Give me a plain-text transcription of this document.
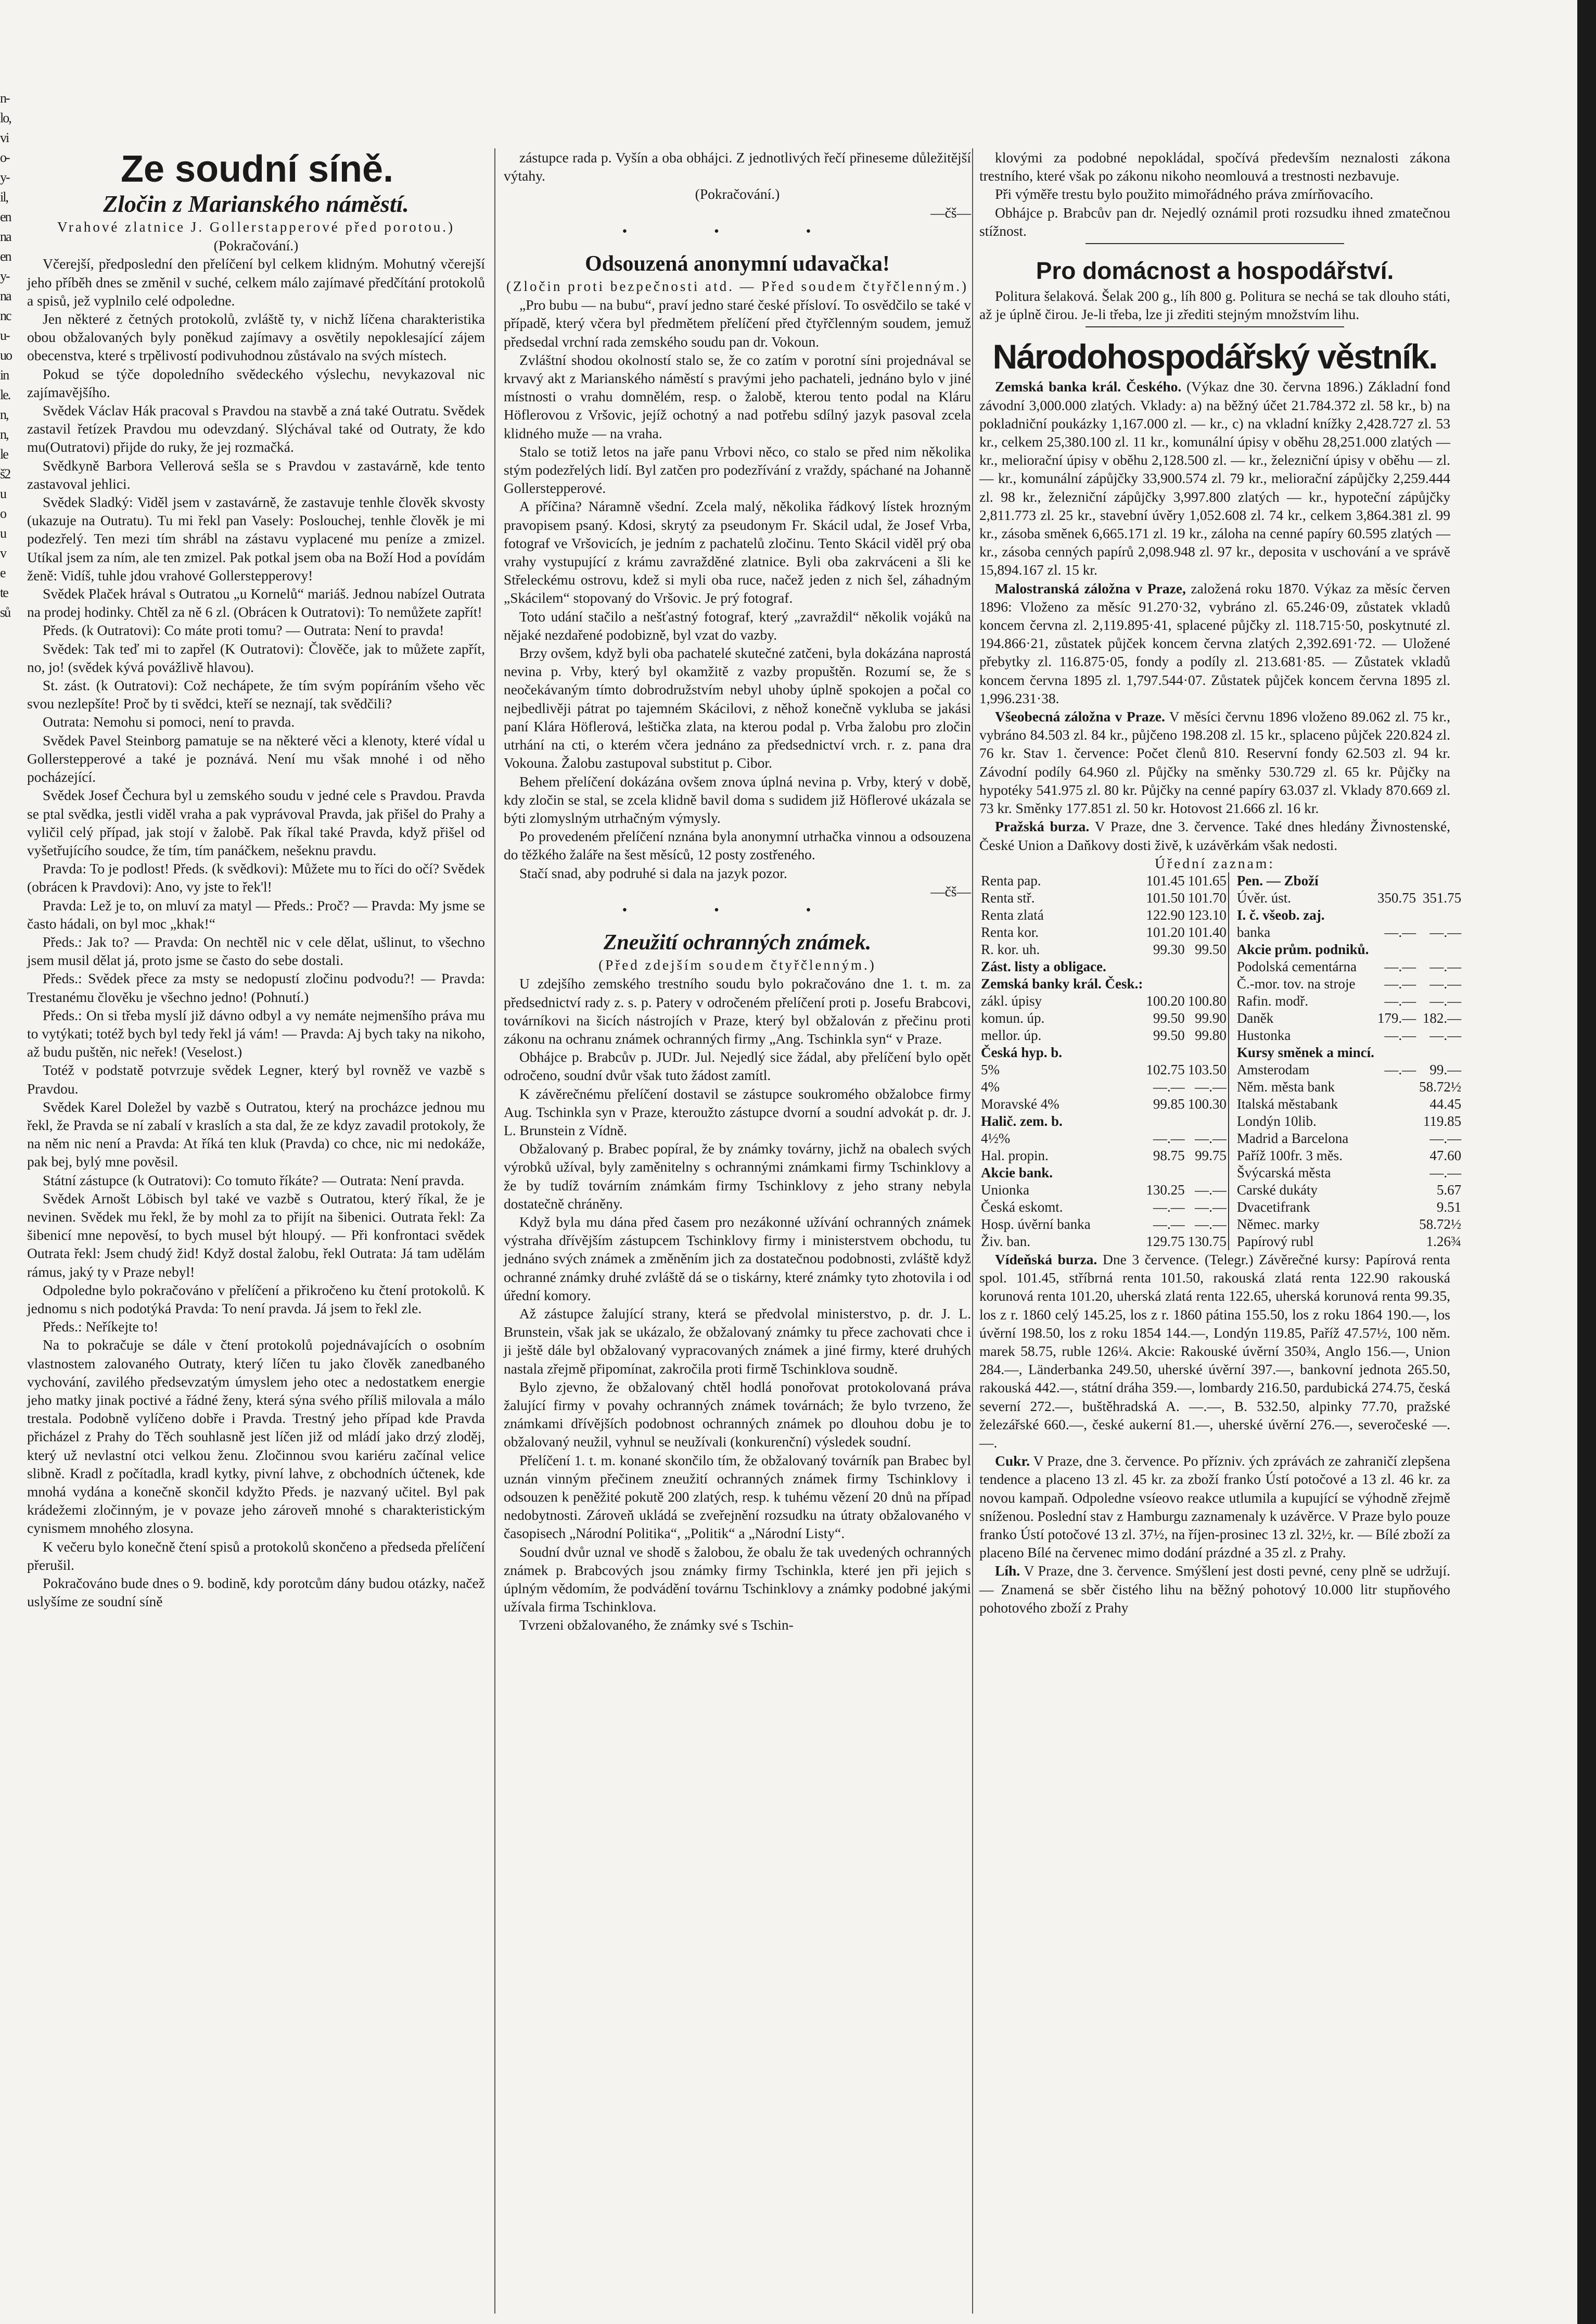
n-
lo,
vi
o-
y-
il,
en
na
en
y-
na
nc
u-
uo
in
le.
n,
n,
le
š2
u
o
u
v
e
te
sů
Ze soudní síně.
Zločin z Marianského náměstí.
Vrahové zlatnice J. Gollerstapperové před porotou.)
(Pokračování.)

Včerejší, předposlední den přelíčení byl celkem klidným. Mohutný včerejší jeho příběh dnes se změnil v suché, celkem málo zajímavé předčítání protokolů a spisů, jež vyplnilo celé odpoledne.

Jen některé z četných protokolů, zvláště ty, v nichž líčena charakteristika obou obžalovaných byly poněkud zajímavy a osvětily nepoklesající zájem obecenstva, které s trpělivostí podivuhodnou zůstávalo na svých místech.

Pokud se týče dopoledního svědeckého výslechu, nevykazoval nic zajímavějšího.

Svědek Václav Hák pracoval s Pravdou na stavbě a zná také Outratu. Svědek zastavil řetízek Pravdou mu odevzdaný. Slýchával také od Outraty, že kdo mu(Outratovi) přijde do ruky, že jej rozmačká.

Svědkyně Barbora Vellerová sešla se s Pravdou v zastavárně, kde tento zastavoval jehlici.

Svědek Sladký: Viděl jsem v zastavárně, že zastavuje tenhle člověk skvosty (ukazuje na Outratu). Tu mi řekl pan Vasely: Poslouchej, tenhle člověk je mi podezřelý. Ten mezi tím shrábl na zástavu vyplacené mu peníze a zmizel. Utíkal jsem za ním, ale ten zmizel. Pak potkal jsem oba na Boží Hod a povídám ženě: Vidíš, tuhle jdou vrahové Gollerstepperovy!

Svědek Plaček hrával s Outratou „u Kornelů“ mariáš. Jednou nabízel Outrata na prodej hodinky. Chtěl za ně 6 zl. (Obrácen k Outratovi): To nemůžete zapřít!

Předs. (k Outratovi): Co máte proti tomu? — Outrata: Není to pravda!

Svědek: Tak teď mi to zapřel (K Outratovi): Člověče, jak to můžete zapřít, no, jo! (svědek kývá povážlivě hlavou).

St. zást. (k Outratovi): Což nechápete, že tím svým popíráním všeho věc svou nezlepšíte! Proč by ti svědci, kteří se neznají, tak svědčili?

Outrata: Nemohu si pomoci, není to pravda.

Svědek Pavel Steinborg pamatuje se na některé věci a klenoty, které vídal u Gollerstepperové a také je poznává. Není mu však mnohé i od něho pocházející.

Svědek Josef Čechura byl u zemského soudu v jedné cele s Pravdou. Pravda se ptal svědka, jestli viděl vraha a pak vyprávoval Pravda, jak přišel do Prahy a vyličil celý případ, jak stojí v žalobě. Pak říkal také Pravda, když přišel od vyšetřujícího soudce, že tím, tím panáčkem, nešeknu pravdu.

Pravda: To je podlost! Předs. (k svědkovi): Můžete mu to říci do očí? Svědek (obrácen k Pravdovi): Ano, vy jste to řek'l!

Pravda: Lež je to, on mluví za matyl — Předs.: Proč? — Pravda: My jsme se často hádali, on byl moc „khak!“

Předs.: Jak to? — Pravda: On nechtěl nic v cele dělat, ušlinut, to všechno jsem musil dělat já, proto jsme se často do sebe dostali.

Předs.: Svědek přece za msty se nedopustí zločinu podvodu?! — Pravda: Trestanému člověku je všechno jedno! (Pohnutí.)

Předs.: On si třeba myslí již dávno odbyl a vy nemáte nejmenšího práva mu to vytýkati; totéž bych byl tedy řekl já vám! — Pravda: Aj bych taky na nikoho, až budu puštěn, nic neřek! (Veselost.)

Totéž v podstatě potvrzuje svědek Legner, který byl rovněž ve vazbě s Pravdou.

Svědek Karel Doležel by vazbě s Outratou, který na procházce jednou mu řekl, že Pravda se ní zabalí v kraslích a sta dal, že ze kdyz zavadil protokoly, že na něm nic není a Pravda: At říká ten kluk (Pravda) co chce, nic mi nedokáže, pak bej, bylý mne pověsil.

Státní zástupce (k Outratovi): Co tomuto říkáte? — Outrata: Není pravda.

Svědek Arnošt Löbisch byl také ve vazbě s Outratou, který říkal, že je nevinen. Svědek mu řekl, že by mohl za to přijít na šibenici. Outrata řekl: Za šibenicí mne nepověsí, to bych musel být hloupý. — Při konfrontaci svědek Outrata řekl: Jsem chudý žid! Když dostal žalobu, řekl Outrata: Já tam udělám rámus, jaký ty v Praze nebyl!

Odpoledne bylo pokračováno v přelíčení a přikročeno ku čtení protokolů. K jednomu s nich podotýká Pravda: To není pravda. Já jsem to řekl zle.

Předs.: Neříkejte to!

Na to pokračuje se dále v čtení protokolů pojednávajících o osobním vlastnostem zalovaného Outraty, který líčen tu jako člověk zanedbaného vychování, zavilého předsevzatým úmyslem jeho otec a nedostatkem energie jeho matky jinak poctivé a řádné ženy, která sýna svého příliš milovala a málo trestala. Podobně vylíčeno dobře i Pravda. Trestný jeho případ kde Pravda přicházel z Prahy do Těch souhlasně jest líčen již od mládí jako drzý zloděj, který už nevlastní otci velkou ženu. Zločinnou svou kariéru začínal velice slibně. Kradl z počítadla, kradl kytky, pivní lahve, z obchodních účtenek, kde mnohá vydána a konečně skončil kdyžto Předs. je nazvaný učitel. Byl pak krádežemi zločinným, je v povaze jeho zároveň mnohé s charakteristickým cynismem mnohého zlosyna.

K večeru bylo konečně čtení spisů a protokolů skončeno a předseda přelíčení přerušil.

Pokračováno bude dnes o 9. bodině, kdy porotcům dány budou otázky, načež uslyšíme ze soudní síně

zástupce rada p. Vyšín a oba obhájci. Z jednotlivých řečí přineseme důležitější výtahy.

(Pokračování.)
—čš—
• • •
Odsouzená anonymní udavačka!
(Zločin proti bezpečnosti atd. — Před soudem čtyřčlenným.)

„Pro bubu — na bubu“, praví jedno staré české přísloví. To osvědčilo se také v případě, který včera byl předmětem přelíčení před čtyřčlenným soudem, jemuž předsedal vrchní rada zemského soudu pan dr. Vokoun.

Zvláštní shodou okolností stalo se, že co zatím v porotní síni projednával se krvavý akt z Marianského náměstí s pravými jeho pachateli, jednáno bylo v jiné místnosti o vrahu domnělém, resp. o žalobě, kterou tento podal na Kláru Höflerovou z Vršovic, jejíž ochotný a nad potřebu sdílný jazyk pasoval zcela klidného muže — na vraha.

Stalo se totiž letos na jaře panu Vrbovi něco, co stalo se před nim několika stým podezřelých lidí. Byl zatčen pro podezřívání z vraždy, spáchané na Johanně Gollerstepperové.

A příčina? Náramně všední. Zcela malý, několika řádkový lístek hrozným pravopisem psaný. Kdosi, skrytý za pseudonym Fr. Skácil udal, že Josef Vrba, fotograf ve Vršovicích, je jedním z pachatelů zločinu. Tento Skácil viděl prý oba vrahy vystupující z krámu zavražděné zlatnice. Byli oba zakrváceni a šli ke Střeleckému ostrovu, kdež si myli oba ruce, načež jeden z nich šel, záhadným „Skácilem“ stopovaný do Vršovic. Je prý fotograf.

Toto udání stačilo a nešťastný fotograf, který „zavraždil“ několik vojáků na nějaké nezdařené podobizně, byl vzat do vazby.

Brzy ovšem, když byli oba pachatelé skutečné zatčeni, byla dokázána naprostá nevina p. Vrby, který byl okamžitě z vazby propuštěn. Rozumí se, že s neočekávaným tímto dobrodružstvím nebyl uhoby úplně spokojen a počal co nejbedlivěji pátrat po tajemném Skácilovi, z něhož konečně vykluba se jakási paní Klára Höflerová, leštička zlata, na kterou podal p. Vrba žalobu pro zločin utrhání na cti, o kterém včera jednáno za předsednictví vrch. r. z. pana dra Vokouna. Žalobu zastupoval substitut p. Cibor.

Behem přelíčení dokázána ovšem znova úplná nevina p. Vrby, který v době, kdy zločin se stal, se zcela klidně bavil doma s sudidem již Höflerové ukázala se býti zlomyslným utrhačným výmysly.

Po provedeném přelíčení nznána byla anonymní utrhačka vinnou a odsouzena do těžkého žaláře na šest měsíců, 12 posty zostřeného.

Stačí snad, aby podruhé si dala na jazyk pozor.

—čš—
• • •
Zneužití ochranných známek.
(Před zdejším soudem čtyřčlenným.)

U zdejšího zemského trestního soudu bylo pokračováno dne 1. t. m. za předsednictví rady z. s. p. Patery v odročeném přelíčení proti p. Josefu Brabcovi, továrníkovi na šicích nástrojích v Praze, který byl obžalován z přečinu proti zákonu na ochranu známek ochranných firmy „Ang. Tschinkla syn“ v Praze.

Obhájce p. Brabcův p. JUDr. Jul. Nejedlý sice žádal, aby přelíčení bylo opět odročeno, soudní dvůr však tuto žádost zamítl.

K závěrečnému přelíčení dostavil se zástupce soukromého obžalobce firmy Aug. Tschinkla syn v Praze, kteroužto zástupce dvorní a soudní advokát p. dr. J. L. Brunstein z Vídně.

Obžalovaný p. Brabec popíral, že by známky továrny, jichž na obalech svých výrobků užíval, byly zaměnitelny s ochrannými známkami firmy Tschinklovy a že by tudíž továrním známkám firmy Tschinklovy z jeho strany nebyla dostatečně chráněny.

Když byla mu dána před časem pro nezákonné užívání ochranných známek výstraha dřívějším zástupcem Tschinklovy firmy i ministerstvem obchodu, tu jednáno svých známek a změněním jich za dostatečnou podobnosti, zvláště když ochranné známky druhé zvláště dá se o tiskárny, které známky tyto zhotovila i od úřední komory.

Až zástupce žalující strany, která se předvolal ministerstvo, p. dr. J. L. Brunstein, však jak se ukázalo, že obžalovaný známky tu přece zachovati chce i ji ještě dále byl obžalovaný vypracovaných známek a jiné firmy, které druhých nastala zřejmě připomínat, zakročila proti firmě Tschinklova soudně.

Bylo zjevno, že obžalovaný chtěl hodlá ponořovat protokolovaná práva žalující firmy v povahy ochranných známek továrnách; že bylo tvrzeno, že známkami dřívějších podobnost ochranných známek po dlouhou dobu je to obžalovaný neužil, vyhnul se neužívali (konkurenční) výsledek soudní.

Přelíčení 1. t. m. konané skončilo tím, že obžalovaný továrník pan Brabec byl uznán vinným přečinem zneužití ochranných známek firmy Tschinklovy i odsouzen k peněžité pokutě 200 zlatých, resp. k tuhému vězení 20 dnů na případ nedobytnosti. Zároveň ukládá se zveřejnění rozsudku na útraty obžalovaného v časopisech „Národní Politika“, „Politik“ a „Národní Listy“.

Soudní dvůr uznal ve shodě s žalobou, že obalu že tak uvedených ochranných známek p. Brabcových jsou známky firmy Tschinkla, které jen při jejich s úplným vědomím, že podvádění továrnu Tschinklovy a známky podobné jakými užívala firma Tschinklova.

Tvrzeni obžalovaného, že známky své s Tschin-

klovými za podobné nepokládal, spočívá především neznalosti zákona trestního, které však po zákonu nikoho neomlouvá a trestnosti nezbavuje.

Při výměře trestu bylo použito mimořádného práva zmírňovacího.

Obhájce p. Brabcův pan dr. Nejedlý oznámil proti rozsudku ihned zmatečnou stížnost.

Pro domácnost a hospodářství.

Politura šelaková. Šelak 200 g., líh 800 g. Politura se nechá se tak dlouho státi, až je úplně čirou. Je-li třeba, lze ji zřediti stejným množstvím lihu.

Národohospodářský věstník.

Zemská banka král. Českého. (Výkaz dne 30. června 1896.) Základní fond závodní 3,000.000 zlatých. Vklady: a) na běžný účet 21.784.372 zl. 58 kr., b) na pokladniční poukázky 1,167.000 zl. — kr., c) na vkladní knížky 2,428.727 zl. 53 kr., celkem 25,380.100 zl. 11 kr., komunální úpisy v oběhu 28,251.000 zlatých — kr., meliorační úpisy v oběhu 2,128.500 zl. — kr., železniční úpisy v oběhu — zl. — kr., komunální zápůjčky 33,900.574 zl. 79 kr., meliorační zápůjčky 2,259.444 zl. 98 kr., železniční zápůjčky 3,997.800 zlatých — kr., hypoteční zápůjčky 2,811.773 zl. 25 kr., stavební úvěry 1,052.608 zl. 74 kr., celkem 3,864.381 zl. 99 kr., zásoba směnek 6,665.171 zl. 19 kr., záloha na cenné papíry 60.595 zlatých — kr., zásoba cenných papírů 2,098.948 zl. 97 kr., deposita v uschování a ve správě 15,894.167 zl. 15 kr.

Malostranská záložna v Praze, založená roku 1870. Výkaz za měsíc červen 1896: Vloženo za měsíc 91.270·32, vybráno zl. 65.246·09, zůstatek vkladů koncem června zl. 2,119.895·41, splacené půjčky zl. 118.715·50, poskytnuté zl. 194.866·21, zůstatek půjček koncem června zlatých 2,392.691·72. — Uložené přebytky zl. 116.875·05, fondy a podíly zl. 213.681·85. — Zůstatek vkladů koncem června 1895 zl. 1,797.544·07. Zůstatek půjček koncem června 1895 zl. 1,996.231·38.

Všeobecná záložna v Praze. V měsíci červnu 1896 vloženo 89.062 zl. 75 kr., vybráno 84.503 zl. 84 kr., půjčeno 198.208 zl. 15 kr., splaceno půjček 220.824 zl. 76 kr. Stav 1. července: Počet členů 810. Reservní fondy 62.503 zl. 94 kr. Závodní podíly 64.960 zl. Půjčky na směnky 530.729 zl. 65 kr. Půjčky na hypotéky 541.975 zl. 80 kr. Půjčky na cenné papíry 63.037 zl. Vklady 870.669 zl. 73 kr. Směnky 177.851 zl. 50 kr. Hotovost 21.666 zl. 16 kr.

Pražská burza. V Praze, dne 3. července. Také dnes hledány Živnostenské, České Union a Daňkovy dosti živě, k uzávěrkám však nedosti.

Úřední zaznam:
Renta pap.	101.45	101.65
Renta stř.	101.50	101.70
Renta zlatá	122.90	123.10
Renta kor.	101.20	101.40
R. kor. uh.	99.30	99.50
Zást. listy a obligace.		
Zemská banky král. Česk.:		
zákl. úpisy	100.20	100.80
komun. úp.	99.50	99.90
mellor. úp.	99.50	99.80
Česká hyp. b.		
5%	102.75	103.50
4%	—.—	—.—
Moravské 4%	99.85	100.30
Halič. zem. b.		
4½%	—.—	—.—
Hal. propin.	98.75	99.75
Akcie bank.		
Unionka	130.25	—.—
Česká eskomt.	—.—	—.—
Hosp. úvěrní banka	—.—	—.—
Živ. ban.	129.75	130.75
Pen. — Zboží		
Úvěr. úst.	350.75	351.75
I. č. všeob. zaj.		
banka	—.—	—.—
Akcie prům. podniků.		
Podolská cementárna	—.—	—.—
Č.-mor. tov. na stroje	—.—	—.—
Rafin. modř.	—.—	—.—
Daněk	179.—	182.—
Hustonka	—.—	—.—
Kursy směnek a mincí.		
Amsterodam	—.—	99.—
Něm. města bank		58.72½
Italská městabank		44.45
Londýn 10lib.		119.85
Madrid a Barcelona		—.—
Paříž 100fr. 3 měs.		47.60
Švýcarská města		—.—
Carské dukáty		5.67
Dvacetifrank		9.51
Němec. marky		58.72½
Papírový rubl		1.26¾

Vídeňská burza. Dne 3 července. (Telegr.) Závěrečné kursy: Papírová renta spol. 101.45, stříbrná renta 101.50, rakouská zlatá renta 122.90 rakouská korunová renta 101.20, uherská zlatá renta 122.65, uherská korunová renta 99.35, los z r. 1860 celý 145.25, los z r. 1860 pátina 155.50, los z roku 1864 190.—, los úvěrní 198.50, los z roku 1854 144.—, Londýn 119.85, Paříž 47.57½, 100 něm. marek 58.75, ruble 126¼. Akcie: Rakouské úvěrní 350¾, Anglo 156.—, Union 284.—, Länderbanka 249.50, uherské úvěrní 397.—, bankovní jednota 265.50, rakouská 442.—, státní dráha 359.—, lombardy 216.50, pardubická 274.75, česká severní 272.—, buštěhradská A. —.—, B. 532.50, alpinky 77.70, pražské železářské 660.—, české aukerní 81.—, uherské úvěrní 276.—, severočeské —.—.

Cukr. V Praze, dne 3. července. Po přízniv. ých zprávách ze zahraničí zlepšena tendence a placeno 13 zl. 45 kr. za zboží franko Ústí potočové a 13 zl. 46 kr. za novou kampaň. Odpoledne vsíeovo reakce utlumila a kupující se výhodně zřejmě sníženou. Poslední stav z Hamburgu zaznamenaly k uzávěrce. V Praze bylo pouze franko Ústí potočové 13 zl. 37½, na říjen-prosinec 13 zl. 32½, kr. — Bílé zboží za placeno Bílé na červenec mimo dodání prázdné a 35 zl. z Prahy.

Líh. V Praze, dne 3. července. Smýšlení jest dosti pevné, ceny plně se udržují. — Znamená se sběr čistého lihu na běžný pohotový 10.000 litr stupňového pohotového zboží z Prahy
